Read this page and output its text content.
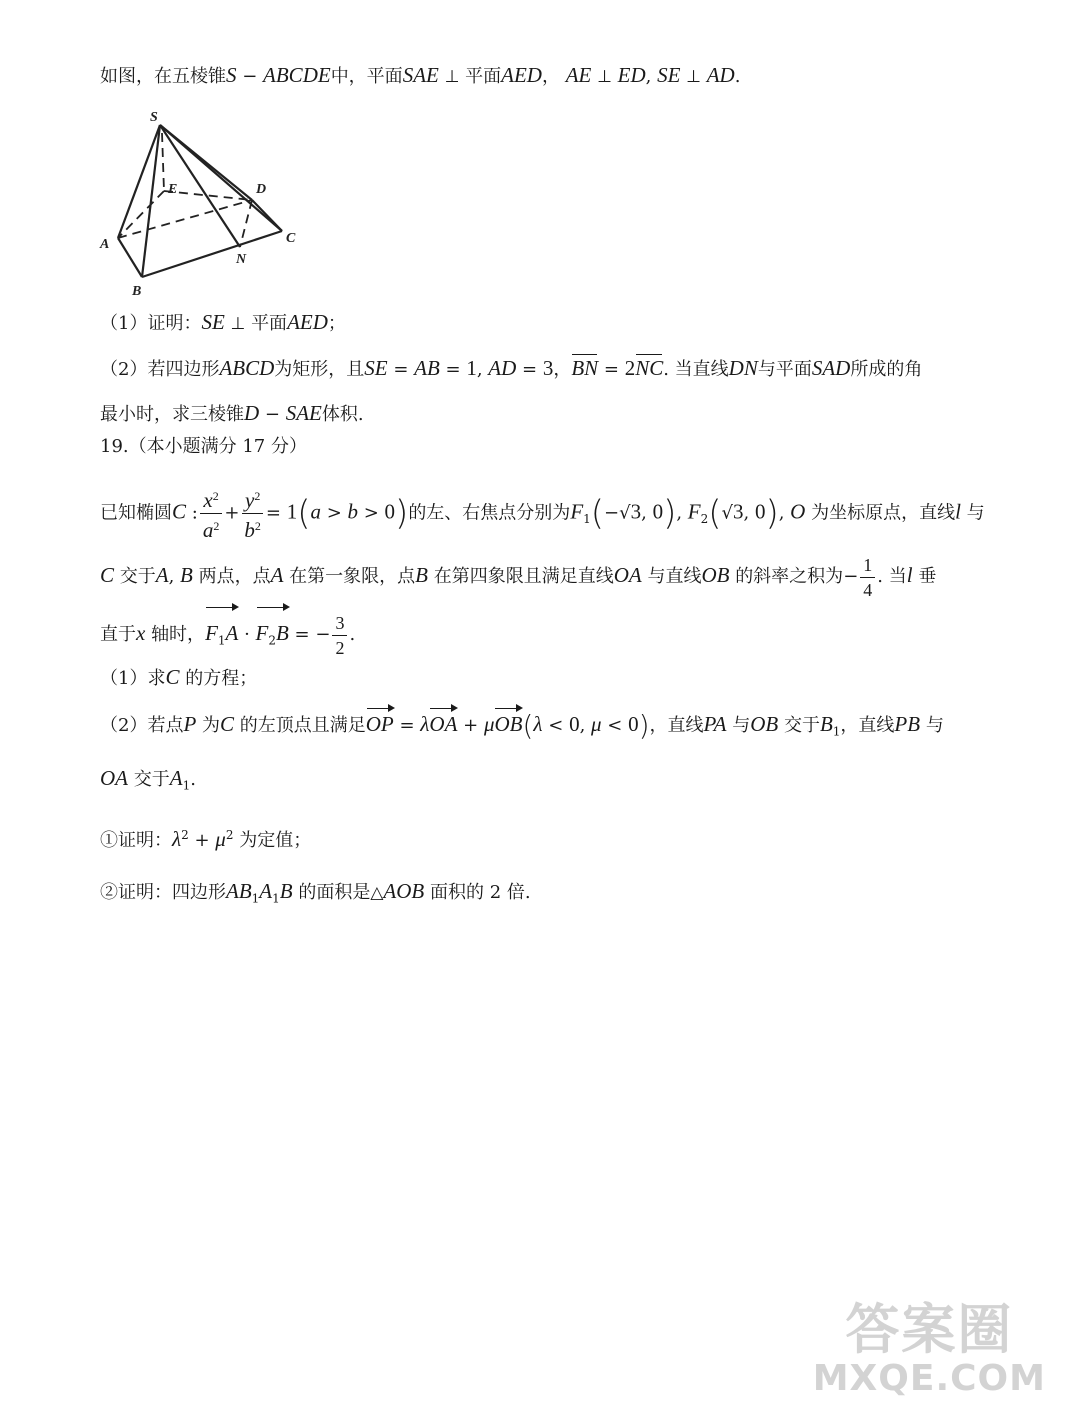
如图，在五棱锥S − ABCDE中，平面SAE ⊥ 平面AED， AE ⊥ ED, SE ⊥ AD.
S
E	D
A	C
N
B
（1）证明：SE ⊥ 平面AED；
（2）若四边形ABCD为矩形，且SE = AB = 1, AD = 3，BN = 2NC. 当直线DN与平面SAD所成的角
最小时，求三棱锥D − SAE体积.
19.（本小题满分 17 分）
已知椭圆C : $\frac{x^2}{a^2} + \frac{y^2}{b^2} = 1(a > b > 0)$的左、右焦点分别为$F_1(-√3$, 0), $F_2(√3$, 0), O 为坐标原点，直线l 与
C 交于A, B 两点，点A 在第一象限，点B 在第四象限且满足直线OA 与直线OB 的斜率之积为− $\frac{1}{4}$ . 当l 垂
直于x 轴时，$F_1A \cdot F_2B$ = − $\frac{3}{2}$ .
（1）求C 的方程；
（2）若点P 为C 的左顶点且满足OP = λOA + μOB(λ < 0, μ < 0)，直线PA 与OB 交于$B_1$，直线PB 与
OA 交于$A_1$.
①证明：$\lambda^2 + \mu^2$ 为定值；
②证明：四边形$AB_1A_1B$ 的面积是△AOB 面积的 2 倍.
答案圈
MXQE.COM
